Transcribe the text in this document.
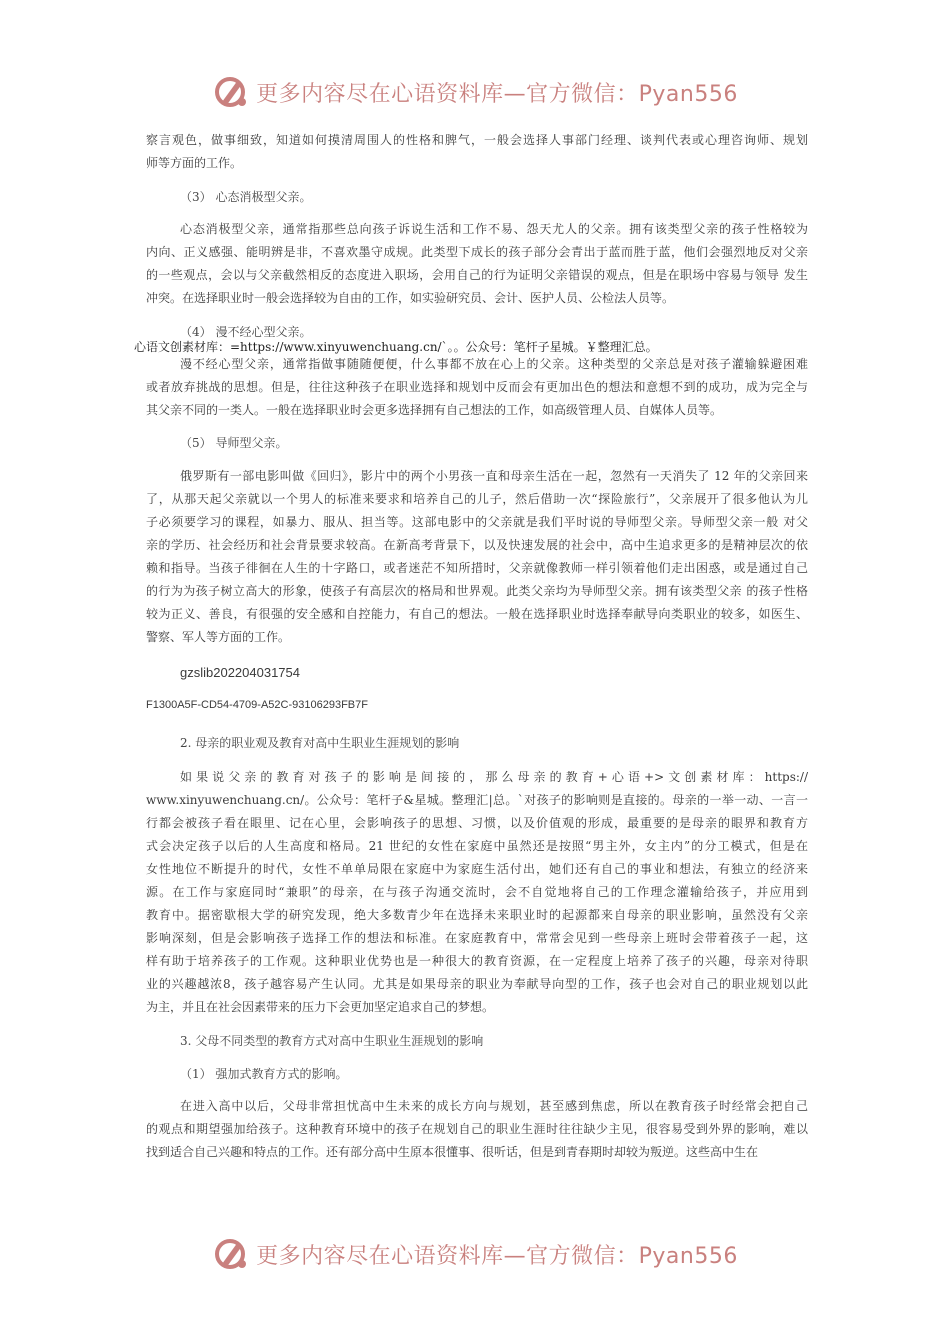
更多内容尽在心语资料库—官方微信：Pyan556
察言观色，做事细致，知道如何摸清周围人的性格和脾气，一般会选择人事部门经理、谈判代表或心理咨询师、规划
师等方面的工作。
（3） 心态消极型父亲。
心态消极型父亲，通常指那些总向孩子诉说生活和工作不易、怨天尤人的父亲。拥有该类型父亲的孩子性格较为
内向、正义感强、能明辨是非，不喜欢墨守成规。此类型下成长的孩子部分会青出于蓝而胜于蓝，他们会强烈地反对父亲
的一些观点，会以与父亲截然相反的态度进入职场，会用自己的行为证明父亲错误的观点，但是在职场中容易与领导 发生
冲突。在选择职业时一般会选择较为自由的工作，如实验研究员、会计、医护人员、公检法人员等。
（4） 漫不经心型父亲。
心语文创素材库：=https://www.xinyuwenchuang.cn/`。。公众号：笔杆子星城。￥整理汇总。
漫不经心型父亲，通常指做事随随便便，什么事都不放在心上的父亲。这种类型的父亲总是对孩子灌输躲避困难
或者放弃挑战的思想。但是，往往这种孩子在职业选择和规划中反而会有更加出色的想法和意想不到的成功，成为完全与
其父亲不同的一类人。一般在选择职业时会更多选择拥有自己想法的工作，如高级管理人员、自媒体人员等。
（5） 导师型父亲。
俄罗斯有一部电影叫做《回归》，影片中的两个小男孩一直和母亲生活在一起，忽然有一天消失了 12 年的父亲回来
了，从那天起父亲就以一个男人的标准来要求和培养自己的儿子，然后借助一次“探险旅行”，父亲展开了很多他认为儿
子必须要学习的课程，如暴力、服从、担当等。这部电影中的父亲就是我们平时说的导师型父亲。导师型父亲一般 对父
亲的学历、社会经历和社会背景要求较高。在新高考背景下，以及快速发展的社会中，高中生追求更多的是精神层次的依
赖和指导。当孩子徘徊在人生的十字路口，或者迷茫不知所措时，父亲就像教师一样引领着他们走出困惑，或是通过自己
的行为为孩子树立高大的形象，使孩子有高层次的格局和世界观。此类父亲均为导师型父亲。拥有该类型父亲 的孩子性格
较为正义、善良，有很强的安全感和自控能力，有自己的想法。一般在选择职业时选择奉献导向类职业的较多，如医生、
警察、军人等方面的工作。
gzslib202204031754
F1300A5F-CD54-4709-A52C-93106293FB7F
2. 母亲的职业观及教育对高中生职业生涯规划的影响
如果说父亲的教育对孩子的影响是间接的，那么母亲的教育+心语+>文创素材库：https://
www.xinyuwenchuang.cn/。公众号：笔杆子&星城。整理汇|总。`对孩子的影响则是直接的。母亲的一举一动、一言一
行都会被孩子看在眼里、记在心里，会影响孩子的思想、习惯，以及价值观的形成，最重要的是母亲的眼界和教育方
式会决定孩子以后的人生高度和格局。21 世纪的女性在家庭中虽然还是按照“男主外，女主内”的分工模式，但是在
女性地位不断提升的时代，女性不单单局限在家庭中为家庭生活付出，她们还有自己的事业和想法，有独立的经济来
源。在工作与家庭同时“兼职”的母亲，在与孩子沟通交流时，会不自觉地将自己的工作理念灌输给孩子，并应用到
教育中。据密歇根大学的研究发现，绝大多数青少年在选择未来职业时的起源都来自母亲的职业影响，虽然没有父亲
影响深刻，但是会影响孩子选择工作的想法和标准。在家庭教育中，常常会见到一些母亲上班时会带着孩子一起，这
样有助于培养孩子的工作观。这种职业优势也是一种很大的教育资源，在一定程度上培养了孩子的兴趣，母亲对待职
业的兴趣越浓8，孩子越容易产生认同。尤其是如果母亲的职业为奉献导向型的工作，孩子也会对自己的职业规划以此
为主，并且在社会因素带来的压力下会更加坚定追求自己的梦想。
3. 父母不同类型的教育方式对高中生职业生涯规划的影响
（1） 强加式教育方式的影响。
在进入高中以后，父母非常担忧高中生未来的成长方向与规划，甚至感到焦虑，所以在教育孩子时经常会把自己
的观点和期望强加给孩子。这种教育环境中的孩子在规划自己的职业生涯时往往缺少主见，很容易受到外界的影响，难以
找到适合自己兴趣和特点的工作。还有部分高中生原本很懂事、很听话，但是到青春期时却较为叛逆。这些高中生在
更多内容尽在心语资料库—官方微信：Pyan556
